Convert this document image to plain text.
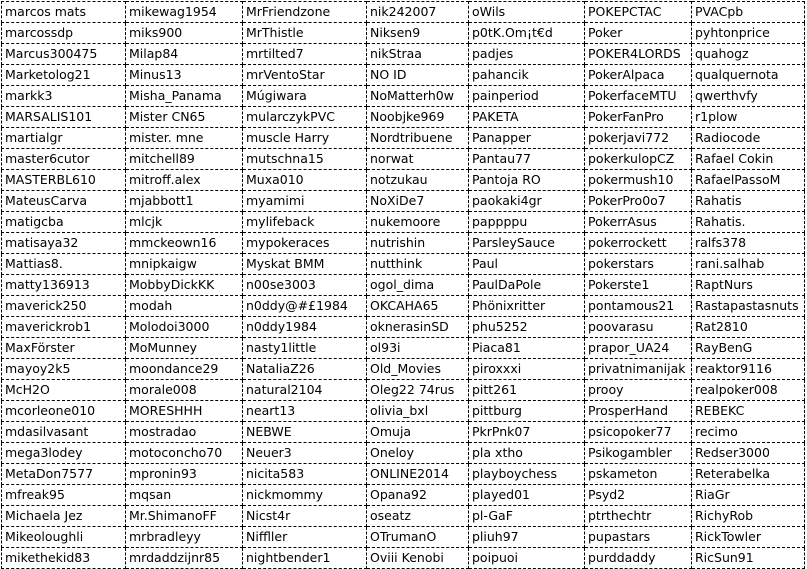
marcos mats	mikewag1954	MrFriendzone	nik242007	oWils	POKEPCTAC	PVACpb
marcossdp	miks900	MrThistle	Niksen9	p0tK.Om¡t€d	Poker	pyhtonprice
Marcus300475	Milap84	mrtilted7	nikStraa	padjes	POKER4LORDS	quahogz
Marketolog21	Minus13	mrVentoStar	NO ID	pahancik	PokerAlpaca	qualquernota
markk3	Misha_Panama	Múgiwara	NoMatterh0w	painperiod	PokerfaceMTU	qwerthvfy
MARSALIS101	Mister CN65	mularczykPVC	Noobjke969	PAKETA	PokerFanPro	r1plow
martialgr	mister. mne	muscle Harry	Nordtribuene	Panapper	pokerjavi772	Radiocode
master6cutor	mitchell89	mutschna15	norwat	Pantau77	pokerkulopCZ	Rafael Cokin
MASTERBL610	mitroff.alex	Muxa010	notzukau	Pantoja RO	pokermush10	RafaelPassoM
MateusCarva	mjabbott1	myamimi	NoXiDe7	paokaki4gr	PokerPro0o7	Rahatis
matigcba	mlcjk	mylifeback	nukemoore	pappppu	PokerrAsus	Rahatis.
matisaya32	mmckeown16	mypokeraces	nutrishin	ParsleySauce	pokerrockett	ralfs378
Mattias8.	mnipkaigw	Myskat BMM	nutthink	Paul	pokerstars	rani.salhab
matty136913	MobbyDickKK	n00se3003	ogol_dima	PaulDaPole	Pokerste1	RaptNurs
maverick250	modah	n0ddy@#£1984	OKCAHA65	Phönixritter	pontamous21	Rastapastasnuts
maverickrob1	Molodoi3000	n0ddy1984	oknerasinSD	phu5252	poovarasu	Rat2810
MaxFörster	MoMunney	nasty1little	ol93i	Piaca81	prapor_UA24	RayBenG
mayoy2k5	moondance29	NataliaZ26	Old_Movies	piroxxxi	privatnimanijak	reaktor9116
McH2O	morale008	natural2104	Oleg22 74rus	pitt261	prooy	realpoker008
mcorleone010	MORESHHH	neart13	olivia_bxl	pittburg	ProsperHand	REBEKC
mdasilvasant	mostradao	NEBWE	Omuja	PkrPnk07	psicopoker77	recimo
mega3lodey	motoconcho70	Neuer3	Oneloy	pla xtho	Psikogambler	Redser3000
MetaDon7577	mpronin93	nicita583	ONLINE2014	playboychess	pskameton	Reterabelka
mfreak95	mqsan	nickmommy	Opana92	played01	Psyd2	RiaGr
Michaela Jez	Mr.ShimanoFF	Nicst4r	oseatz	pl-GaF	ptrthechtr	RichyRob
Mikeoloughli	mrbradleyy	Niffller	OTrumanO	pliuh97	pupastars	RickTowler
mikethekid83	mrdaddzijnr85	nightbender1	Oviii Kenobi	poipuoi	purddaddy	RicSun91
